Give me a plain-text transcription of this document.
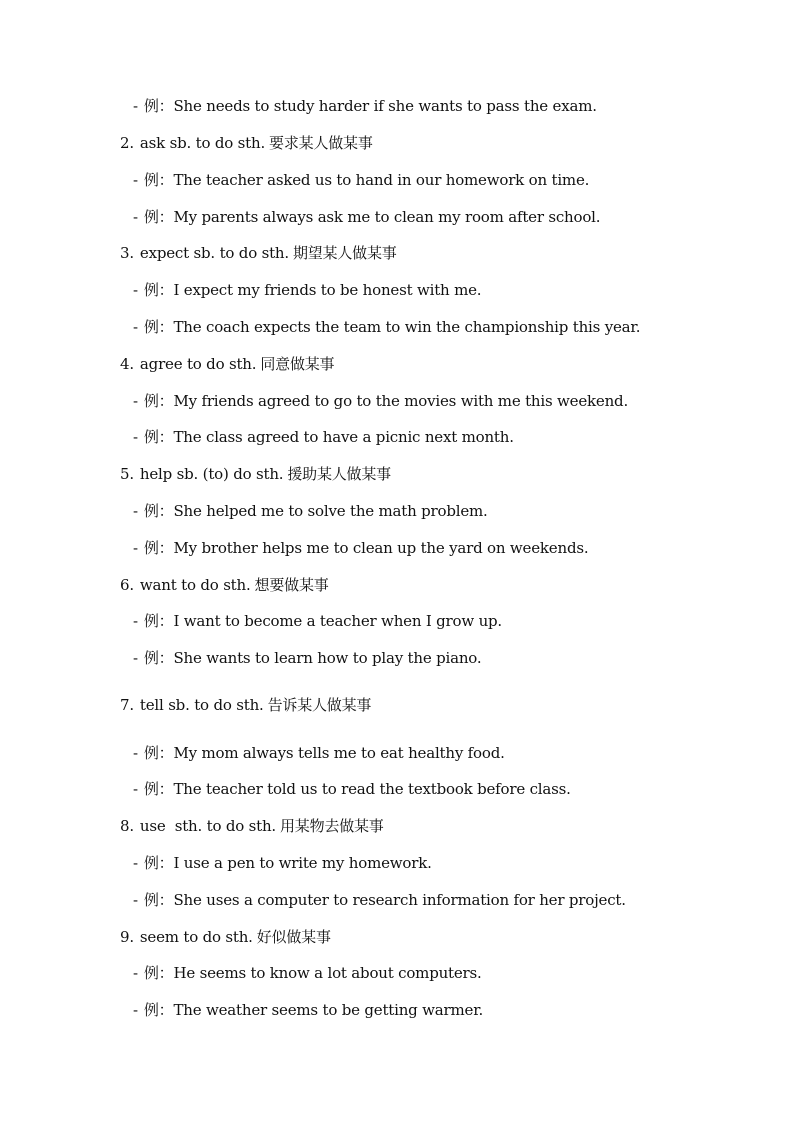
- 例：She needs to study harder if she wants to pass the exam.
2. ask sb. to do sth. 要求某人做某事
- 例：The teacher asked us to hand in our homework on time.
- 例：My parents always ask me to clean my room after school.
3. expect sb. to do sth. 期望某人做某事
- 例：I expect my friends to be honest with me.
- 例：The coach expects the team to win the championship this year.
4. agree to do sth. 同意做某事
- 例：My friends agreed to go to the movies with me this weekend.
- 例：The class agreed to have a picnic next month.
5. help sb. (to) do sth. 援助某人做某事
- 例：She helped me to solve the math problem.
- 例：My brother helps me to clean up the yard on weekends.
6. want to do sth. 想要做某事
- 例：I want to become a teacher when I grow up.
- 例：She wants to learn how to play the piano.
7. tell sb. to do sth. 告诉某人做某事
- 例：My mom always tells me to eat healthy food.
- 例：The teacher told us to read the textbook before class.
8. use  sth. to do sth. 用某物去做某事
- 例：I use a pen to write my homework.
- 例：She uses a computer to research information for her project.
9. seem to do sth. 好似做某事
- 例：He seems to know a lot about computers.
- 例：The weather seems to be getting warmer.
